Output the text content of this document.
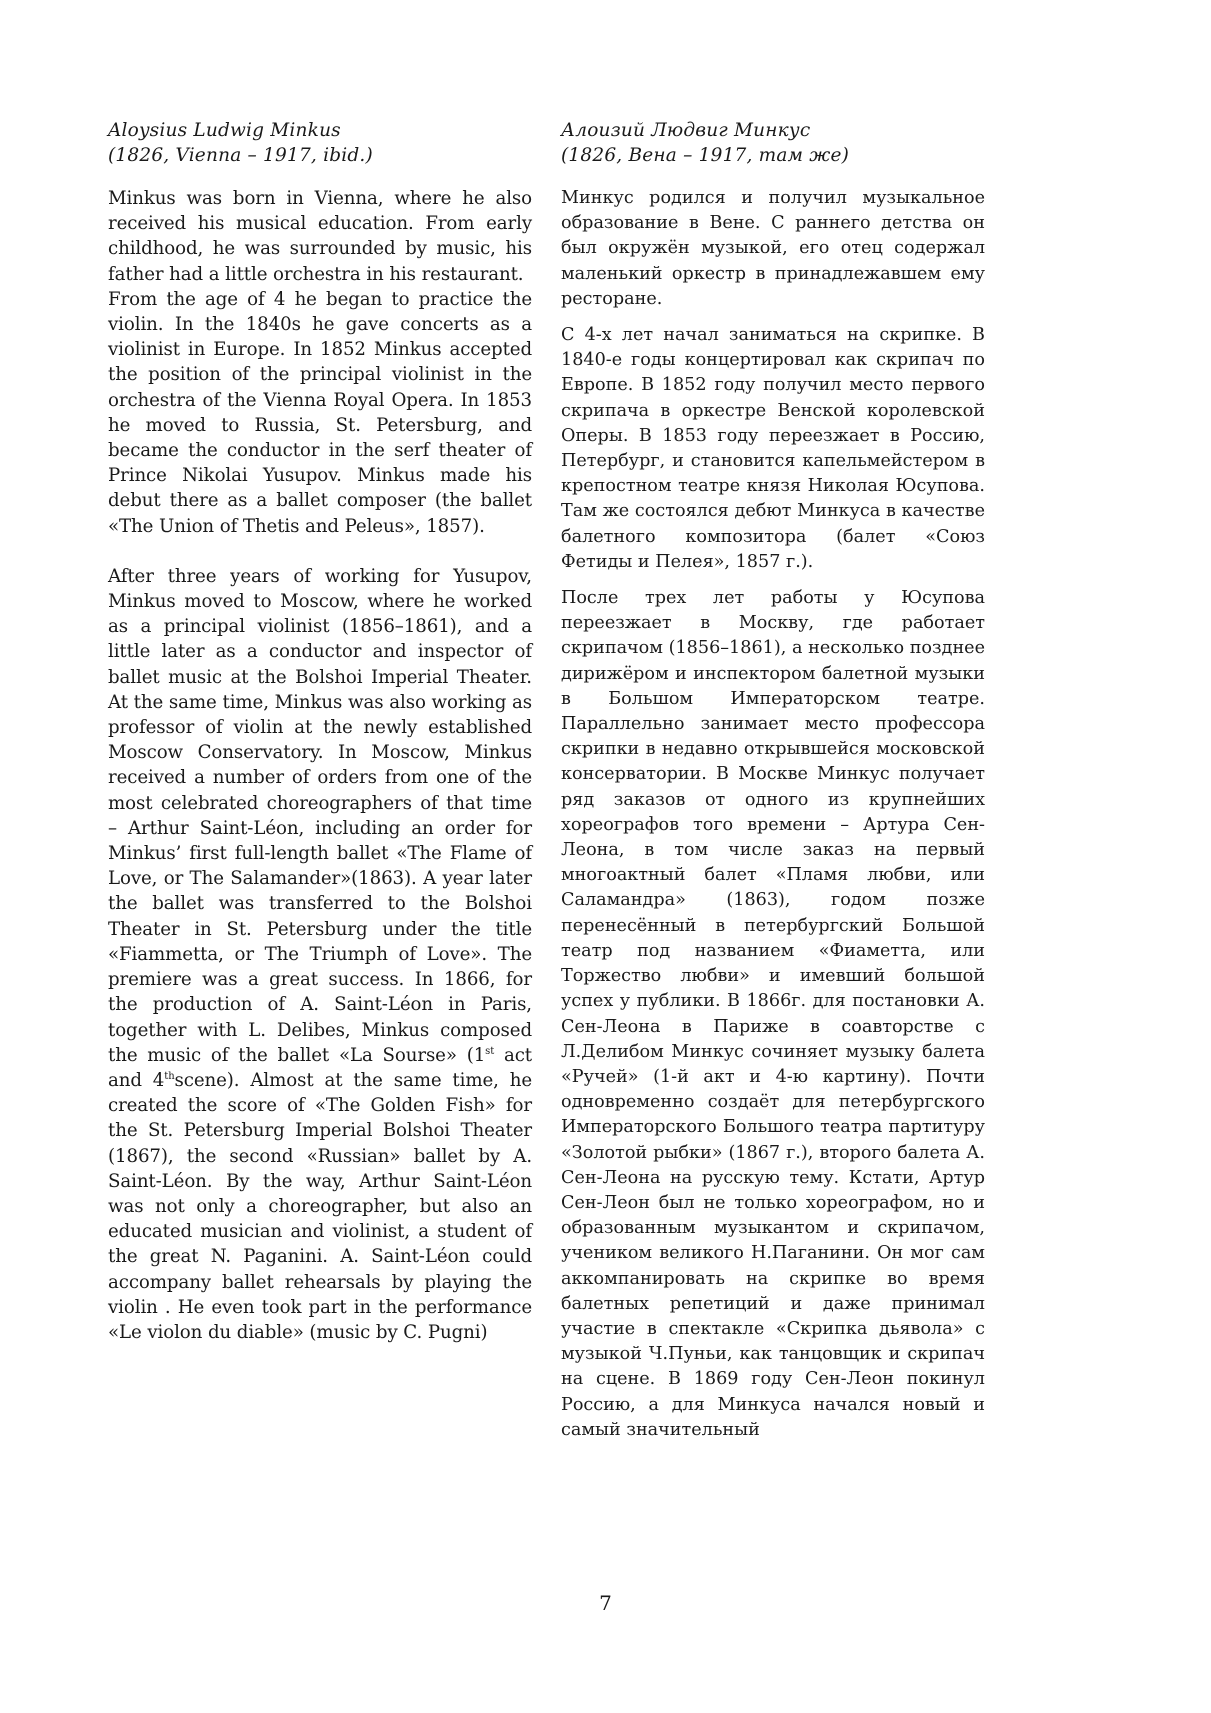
Aloysius Ludwig Minkus
(1826, Vienna – 1917, ibid.)

Minkus was born in Vienna, where he also received his musical education. From early childhood, he was surrounded by music, his father had a little orchestra in his restaurant.

From the age of 4 he began to practice the violin. In the 1840s he gave concerts as a violinist in Europe. In 1852 Minkus accepted the position of the principal violinist in the orchestra of the Vienna Royal Opera. In 1853 he moved to Russia, St. Petersburg, and became the conductor in the serf theater of Prince Nikolai Yusupov. Minkus made his debut there as a ballet composer (the ballet «The Union of Thetis and Peleus», 1857).

After three years of working for Yusupov, Minkus moved to Moscow, where he worked as a principal violinist (1856–1861), and a little later as a conductor and inspector of ballet music at the Bolshoi Imperial Theater. At the same time, Minkus was also working as professor of violin at the newly established Moscow Conservatory. In Moscow, Minkus received a number of orders from one of the most celebrated choreographers of that time – Arthur Saint-Léon, including an order for Minkus’ first full-length ballet «The Flame of Love, or The Salamander»(1863). A year later the ballet was transferred to the Bolshoi Theater in St. Petersburg under the title «Fiammetta, or The Triumph of Love». The premiere was a great success. In 1866, for the production of A. Saint-Léon in Paris, together with L. Delibes, Minkus composed the music of the ballet «La Sourse» (1st act and 4thscene). Almost at the same time, he created the score of «The Golden Fish» for the St. Petersburg Imperial Bolshoi Theater (1867), the second «Russian» ballet by A. Saint-Léon. By the way, Arthur Saint-Léon was not only a choreographer, but also an educated musician and violinist, a student of the great N. Paganini. A. Saint-Léon could accompany ballet rehearsals by playing the violin . He even took part in the performance «Le violon du diable» (music by C. Pugni)

Алоизий Людвиг Минкус
(1826, Вена – 1917, там же)

Минкус родился и получил музыкальное образование в Вене. С раннего детства он был окружён музыкой, его отец содержал маленький оркестр в принадлежавшем ему ресторане.

С 4-х лет начал заниматься на скрипке. В 1840-е годы концертировал как скрипач по Европе. В 1852 году получил место первого скрипача в оркестре Венской королевской Оперы. В 1853 году переезжает в Россию, Петербург, и становится капельмейстером в крепостном театре князя Николая Юсупова. Там же состоялся дебют Минкуса в качестве балетного композитора (балет «Союз Фетиды и Пелея», 1857 г.).

После трех лет работы у Юсупова переезжает в Москву, где работает скрипачом (1856–1861), а несколько позднее дирижёром и инспектором балетной музыки в Большом Императорском театре. Параллельно занимает место профессора скрипки в недавно открывшейся московской консерватории. В Москве Минкус получает ряд заказов от одного из крупнейших хореографов того времени – Артура Сен-Леона, в том числе заказ на первый многоактный балет «Пламя любви, или Саламандра» (1863), годом позже перенесённый в петербургский Большой театр под названием «Фиаметта, или Торжество любви» и имевший большой успех у публики. В 1866г. для постановки А. Сен-Леона в Париже в соавторстве с Л.Делибом Минкус сочиняет музыку балета «Ручей» (1-й акт и 4-ю картину). Почти одновременно создаёт для петербургского Императорского Большого театра партитуру «Золотой рыбки» (1867 г.), второго балета А. Сен-Леона на русскую тему. Кстати, Артур Сен-Леон был не только хореографом, но и образованным музыкантом и скрипачом, учеником великого Н.Паганини. Он мог сам аккомпанировать на скрипке во время балетных репетиций и даже принимал участие в спектакле «Скрипка дьявола» с музыкой Ч.Пуньи, как танцовщик и скрипач на сцене. В 1869 году Сен-Леон покинул Россию, а для Минкуса начался новый и самый значительный

7
